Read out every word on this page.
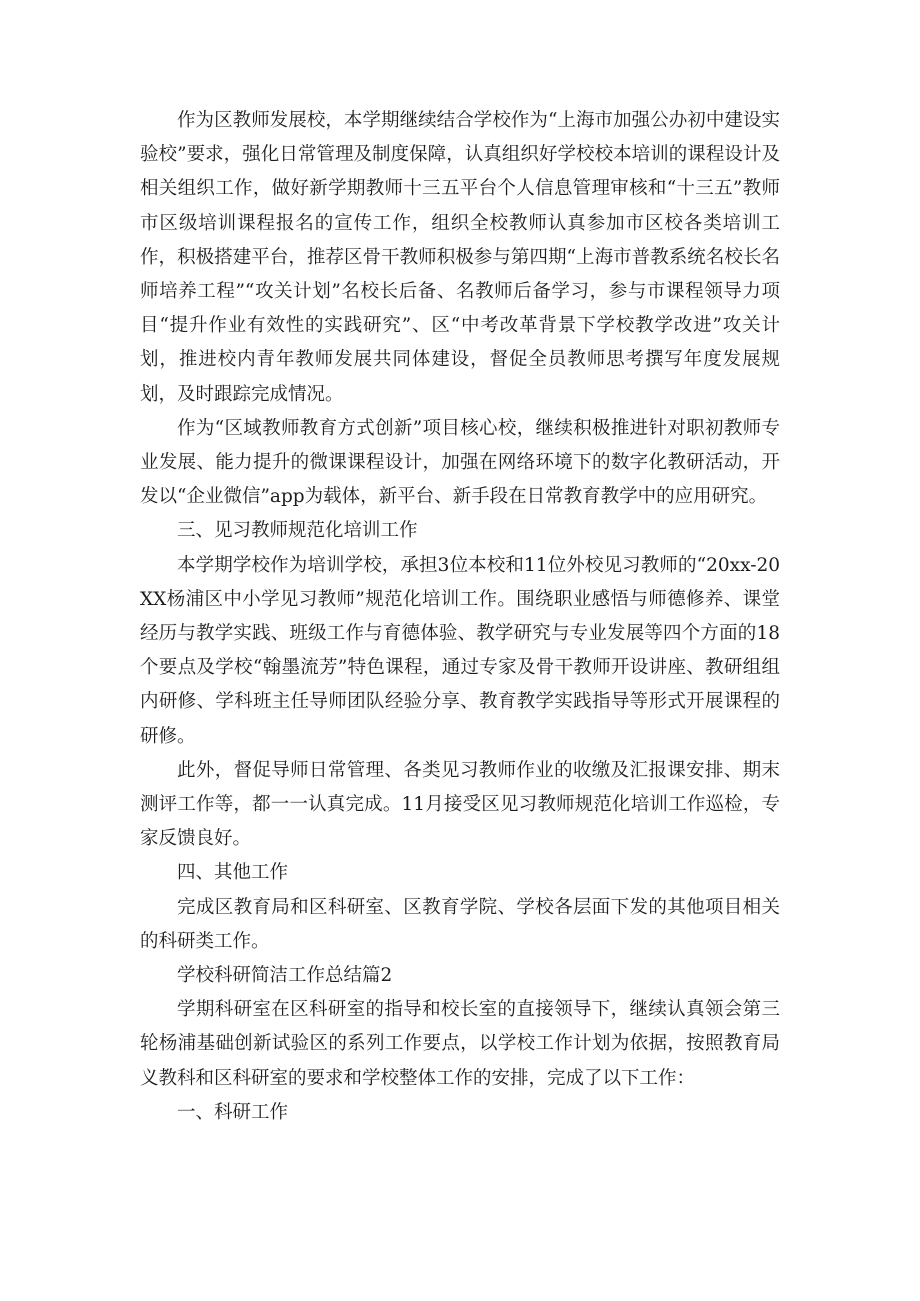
作为区教师发展校，本学期继续结合学校作为“上海市加强公办初中建设实验校”要求，强化日常管理及制度保障，认真组织好学校校本培训的课程设计及相关组织工作，做好新学期教师十三五平台个人信息管理审核和“十三五”教师市区级培训课程报名的宣传工作，组织全校教师认真参加市区校各类培训工作，积极搭建平台，推荐区骨干教师积极参与第四期“上海市普教系统名校长名师培养工程”“攻关计划”名校长后备、名教师后备学习，参与市课程领导力项目“提升作业有效性的实践研究”、区“中考改革背景下学校教学改进”攻关计划，推进校内青年教师发展共同体建设，督促全员教师思考撰写年度发展规划，及时跟踪完成情况。

作为“区域教师教育方式创新”项目核心校，继续积极推进针对职初教师专业发展、能力提升的微课课程设计，加强在网络环境下的数字化教研活动，开发以“企业微信”app为载体，新平台、新手段在日常教育教学中的应用研究。

三、见习教师规范化培训工作

本学期学校作为培训学校，承担3位本校和11位外校见习教师的“20xx-20XX杨浦区中小学见习教师”规范化培训工作。围绕职业感悟与师德修养、课堂经历与教学实践、班级工作与育德体验、教学研究与专业发展等四个方面的18个要点及学校“翰墨流芳”特色课程，通过专家及骨干教师开设讲座、教研组组内研修、学科班主任导师团队经验分享、教育教学实践指导等形式开展课程的研修。

此外，督促导师日常管理、各类见习教师作业的收缴及汇报课安排、期末测评工作等，都一一认真完成。11月接受区见习教师规范化培训工作巡检，专家反馈良好。

四、其他工作

完成区教育局和区科研室、区教育学院、学校各层面下发的其他项目相关的科研类工作。

学校科研简洁工作总结篇2

学期科研室在区科研室的指导和校长室的直接领导下，继续认真领会第三轮杨浦基础创新试验区的系列工作要点，以学校工作计划为依据，按照教育局义教科和区科研室的要求和学校整体工作的安排，完成了以下工作：

一、科研工作
